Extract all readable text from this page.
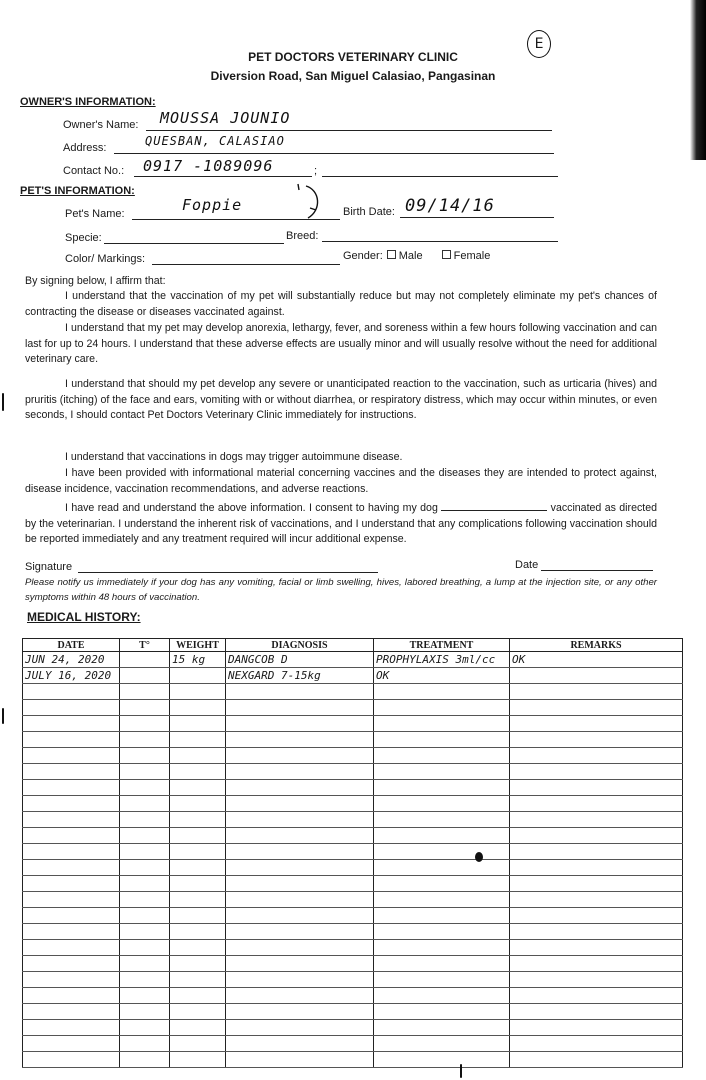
PET DOCTORS VETERINARY CLINIC
Diversion Road, San Miguel Calasiao, Pangasinan
E
OWNER'S INFORMATION:
Owner's Name: MOUSSA JOUNIO
Address:	QUESBAN, CALASIAO
Contact No.: 0917 -1089096	;
PET'S INFORMATION:
Pet's Name:	Foppie	Birth Date: 09/14/16
Specie:	Breed:
Color/ Markings:	Gender: Male	Female
By signing below, I affirm that:
I understand that the vaccination of my pet will substantially reduce but may not completely eliminate my pet's chances of contracting the disease or diseases vaccinated against.
I understand that my pet may develop anorexia, lethargy, fever, and soreness within a few hours following vaccination and can last for up to 24 hours. I understand that these adverse effects are usually minor and will usually resolve without the need for additional veterinary care.
I understand that should my pet develop any severe or unanticipated reaction to the vaccination, such as urticaria (hives) and pruritis (itching) of the face and ears, vomiting with or without diarrhea, or respiratory distress, which may occur within minutes, or even seconds, I should contact Pet Doctors Veterinary Clinic immediately for instructions.
I understand that vaccinations in dogs may trigger autoimmune disease.
I have been provided with informational material concerning vaccines and the diseases they are intended to protect against, disease incidence, vaccination recommendations, and adverse reactions.
I have read and understand the above information. I consent to having my dog	vaccinated as directed by the veterinarian. I understand the inherent risk of vaccinations, and I understand that any complications following vaccination should be reported immediately and any treatment required will incur additional expense.
Signature	Date
Please notify us immediately if your dog has any vomiting, facial or limb swelling, hives, labored breathing, a lump at the injection site, or any other symptoms within 48 hours of vaccination.
MEDICAL HISTORY:
DATE	T°	WEIGHT	DIAGNOSIS	TREATMENT	REMARKS
JUN 24, 2020		15 kg	DANGCOB D	PROPHYLAXIS 3ml/cc	OK
JULY 16, 2020			NEXGARD 7-15kg	OK	
